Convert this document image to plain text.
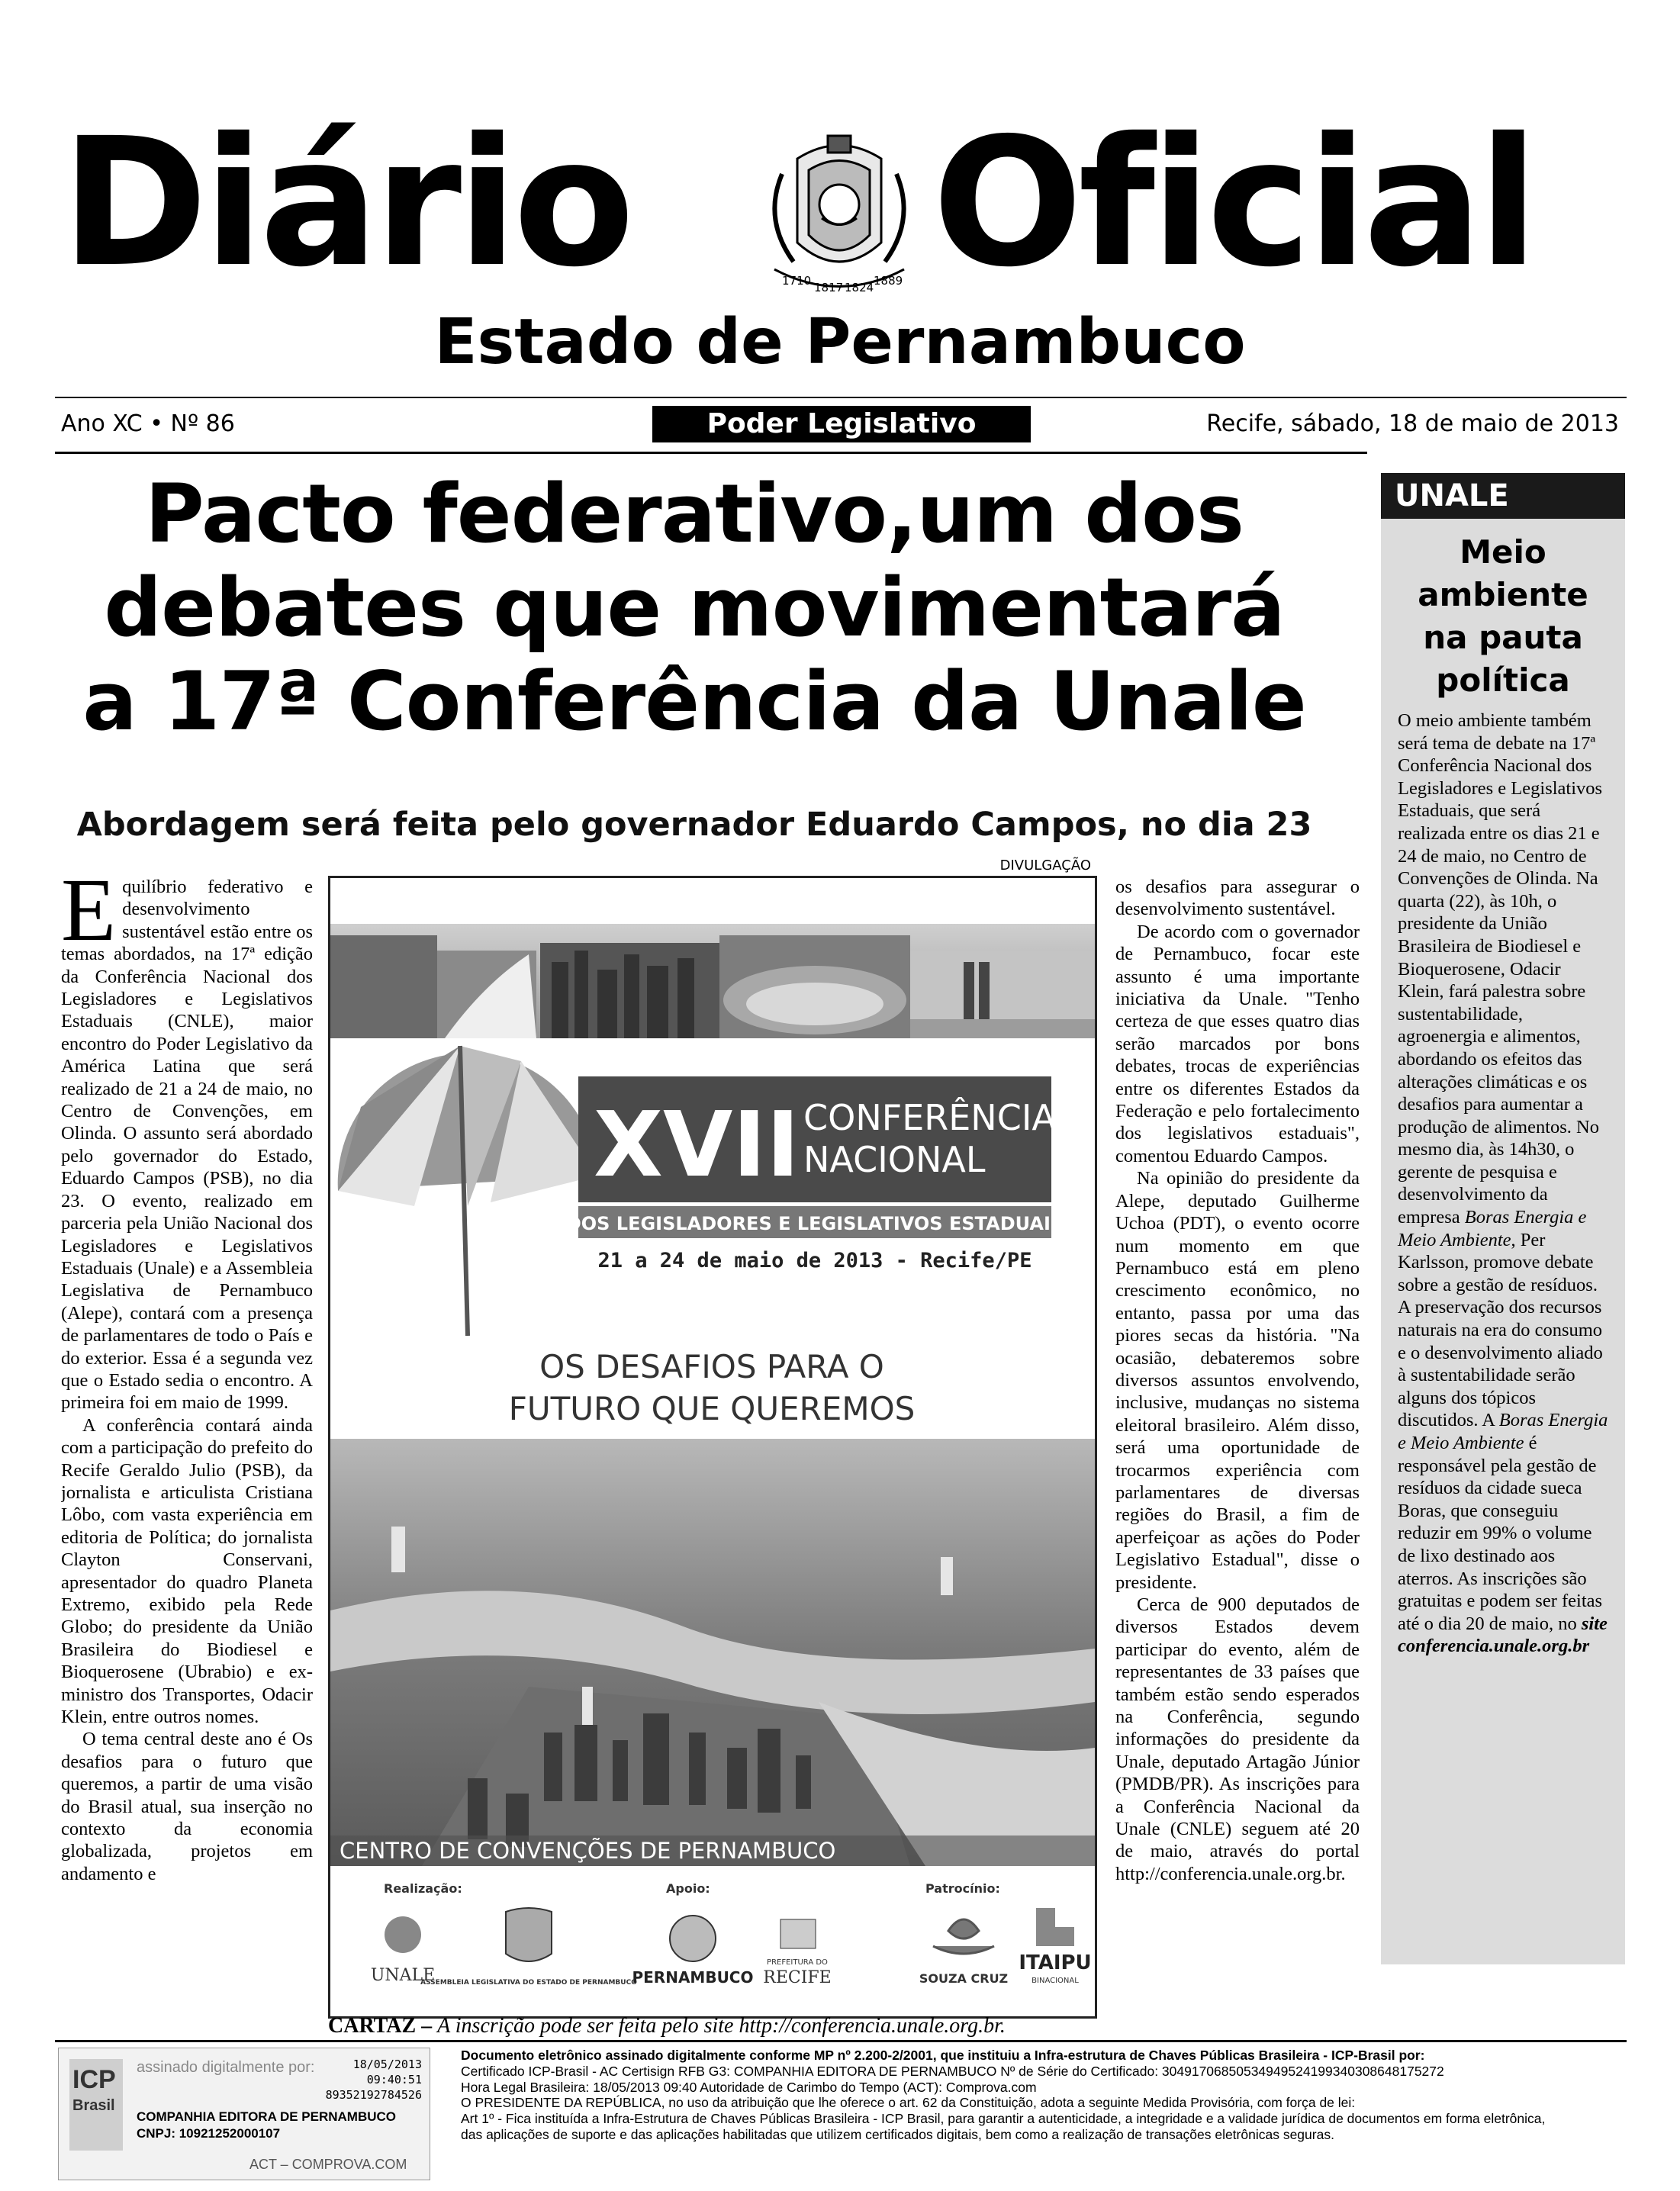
Diário	1710 1817 1824 1889 Oficial
Estado de Pernambuco
Ano XC • Nº 86	Poder Legislativo	Recife, sábado, 18 de maio de 2013
Pacto federativo,um dos
debates que movimentará
a 17ª Conferência da Unale
Abordagem será feita pelo governador Eduardo Campos, no dia 23

Equilíbrio federativo e desenvolvimento sustentável estão entre os temas abordados, na 17ª edição da Conferência Nacional dos Legisladores e Legislativos Estaduais (CNLE), maior encontro do Poder Legislativo da América Latina que será realizado de 21 a 24 de maio, no Centro de Convenções, em Olinda. O assunto será abordado pelo governador do Estado, Eduardo Campos (PSB), no dia 23. O evento, realizado em parceria pela União Nacional dos Legisladores e Legislativos Estaduais (Unale) e a Assembleia Legislativa de Pernambuco (Alepe), contará com a presença de parlamentares de todo o País e do exterior. Essa é a segunda vez que o Estado sedia o encontro. A primeira foi em maio de 1999.

A conferência contará ainda com a participação do prefeito do Recife Geraldo Julio (PSB), da jornalista e articulista Cristiana Lôbo, com vasta experiência em editoria de Política; do jornalista Clayton Conservani, apresentador do quadro Planeta Extremo, exibido pela Rede Globo; do presidente da União Brasileira do Biodiesel e Bioquerosene (Ubrabio) e ex-ministro dos Transportes, Odacir Klein, entre outros nomes.

O tema central deste ano é Os desafios para o futuro que queremos, a partir de uma visão do Brasil atual, sua inserção no contexto da economia globalizada, projetos em andamento e

DIVULGAÇÃO
XVII CONFERÊNCIA
NACIONAL
DOS LEGISLADORES E LEGISLATIVOS ESTADUAIS
21 a 24 de maio de 2013 - Recife/PE
OS DESAFIOS PARA O
FUTURO QUE QUEREMOS
CENTRO DE CONVENÇÕES DE PERNAMBUCO
Realização:	Apoio:	Patrocínio:
UNALE
ASSEMBLEIA LEGISLATIVA DO ESTADO DE PERNAMBUCO
PERNAMBUCO
PREFEITURA DO
RECIFE	SOUZA CRUZ
ITAIPU
BINACIONAL
CARTAZ – A inscrição pode ser feita pelo site http://conferencia.unale.org.br.

os desafios para assegurar o desenvolvimento sustentável.

De acordo com o governador de Pernambuco, focar este assunto é uma importante iniciativa da Unale. "Tenho certeza de que esses quatro dias serão marcados por bons debates, trocas de experiências entre os diferentes Estados da Federação e pelo fortalecimento dos legislativos estaduais", comentou Eduardo Campos.

Na opinião do presidente da Alepe, deputado Guilherme Uchoa (PDT), o evento ocorre num momento em que Pernambuco está em pleno crescimento econômico, no entanto, passa por uma das piores secas da história. "Na ocasião, debateremos sobre diversos assuntos envolvendo, inclusive, mudanças no sistema eleitoral brasileiro. Além disso, será uma oportunidade de trocarmos experiência com parlamentares de diversas regiões do Brasil, a fim de aperfeiçoar as ações do Poder Legislativo Estadual", disse o presidente.

Cerca de 900 deputados de diversos Estados devem participar do evento, além de representantes de 33 países que também estão sendo esperados na Conferência, segundo informações do presidente da Unale, deputado Artagão Júnior (PMDB/PR). As inscrições para a Conferência Nacional da Unale (CNLE) seguem até 20 de maio, através do portal http://conferencia.unale.org.br.

UNALE
Meio
ambiente
na pauta
política
O meio ambiente também será tema de debate na 17ª Conferência Nacional dos Legisladores e Legislativos Estaduais, que será realizada entre os dias 21 e 24 de maio, no Centro de Convenções de Olinda. Na quarta (22), às 10h, o presidente da União Brasileira de Biodiesel e Bioquerosene, Odacir Klein, fará palestra sobre sustentabilidade, agroenergia e alimentos, abordando os efeitos das alterações climáticas e os desafios para aumentar a produção de alimentos. No mesmo dia, às 14h30, o gerente de pesquisa e desenvolvimento da empresa Boras Energia e Meio Ambiente, Per Karlsson, promove debate sobre a gestão de resíduos. A preservação dos recursos naturais na era do consumo e o desenvolvimento aliado à sustentabilidade serão alguns dos tópicos discutidos. A Boras Energia e Meio Ambiente é responsável pela gestão de resíduos da cidade sueca Boras, que conseguiu reduzir em 99% o volume de lixo destinado aos aterros. As inscrições são gratuitas e podem ser feitas até o dia 20 de maio, no site conferencia.unale.org.br
ICP
Brasil
assinado digitalmente por:	18/05/2013
09:40:51
89352192784526
COMPANHIA EDITORA DE PERNAMBUCO
CNPJ: 10921252000107
ACT – COMPROVA.COM
Documento eletrônico assinado digitalmente conforme MP nº 2.200-2/2001, que instituiu a Infra-estrutura de Chaves Públicas Brasileira - ICP-Brasil por:
Certificado ICP-Brasil - AC Certisign RFB G3: COMPANHIA EDITORA DE PERNAMBUCO Nº de Série do Certificado: 30491706850534949524199340308648175272
Hora Legal Brasileira: 18/05/2013 09:40 Autoridade de Carimbo do Tempo (ACT): Comprova.com
O PRESIDENTE DA REPÚBLICA, no uso da atribuição que lhe oferece o art. 62 da Constituição, adota a seguinte Medida Provisória, com força de lei:
Art 1º - Fica instituída a Infra-Estrutura de Chaves Públicas Brasileira - ICP Brasil, para garantir a autenticidade, a integridade e a validade jurídica de documentos em forma eletrônica,
das aplicações de suporte e das aplicações habilitadas que utilizem certificados digitais, bem como a realização de transações eletrônicas seguras.
